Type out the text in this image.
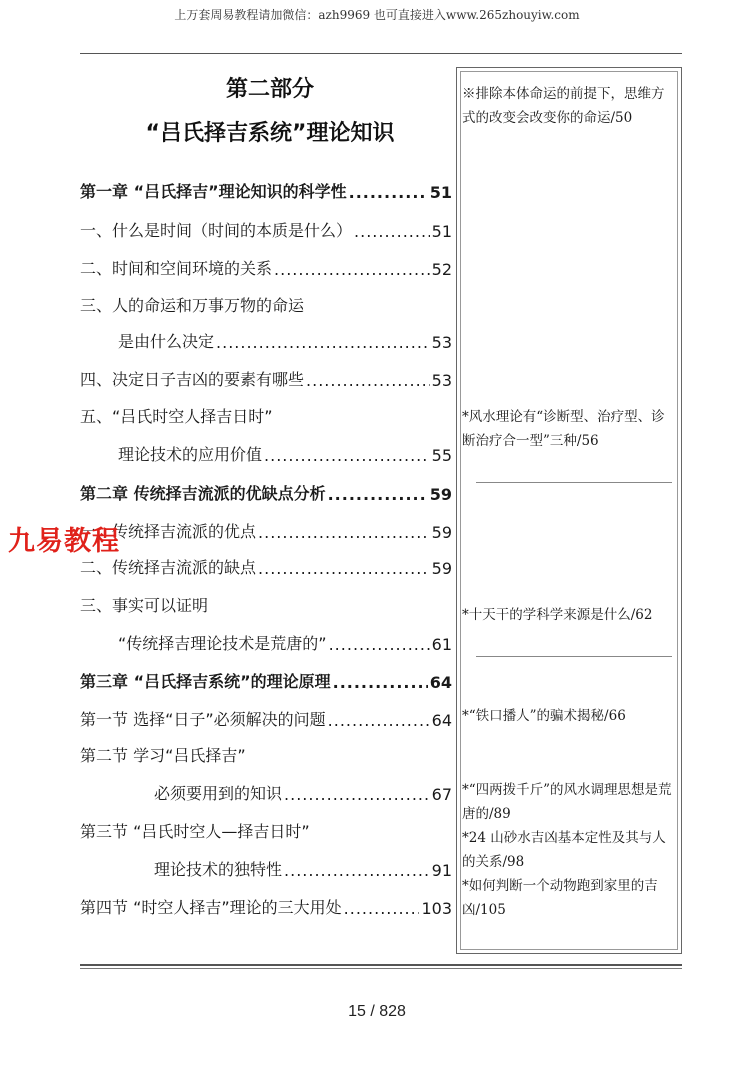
上万套周易教程请加微信：azh9969 也可直接进入www.265zhouyiw.com
第二部分
“吕氏择吉系统”理论知识
第一章 “吕氏择吉”理论知识的科学性 .....	51
一、什么是时间（时间的本质是什么） .....	51
二、时间和空间环境的关系 .....	52
三、人的命运和万事万物的命运
是由什么决定 .....	53
四、决定日子吉凶的要素有哪些 .....	53
五、“吕氏时空人择吉日时”
理论技术的应用价值 .....	55
第二章 传统择吉流派的优缺点分析 .....	59
一、传统择吉流派的优点 .....	59
二、传统择吉流派的缺点 .....	59
三、事实可以证明
“传统择吉理论技术是荒唐的” .....	61
第三章 “吕氏择吉系统”的理论原理 .....	64
第一节 选择“日子”必须解决的问题 .....	64
第二节 学习“吕氏择吉”
必须要用到的知识 .....	67
第三节 “吕氏时空人—择吉日时”
理论技术的独特性 .....	91
第四节 “时空人择吉”理论的三大用处 .....	103
九易教程
※排除本体命运的前提下，思维方式的改变会改变你的命运/50
*风水理论有“诊断型、治疗型、诊断治疗合一型”三种/56
*十天干的学科学来源是什么/62
*“铁口播人”的骗术揭秘/66
*“四两拨千斤”的风水调理思想是荒唐的/89
*24 山砂水吉凶基本定性及其与人的关系/98
*如何判断一个动物跑到家里的吉凶/105
15 / 828
